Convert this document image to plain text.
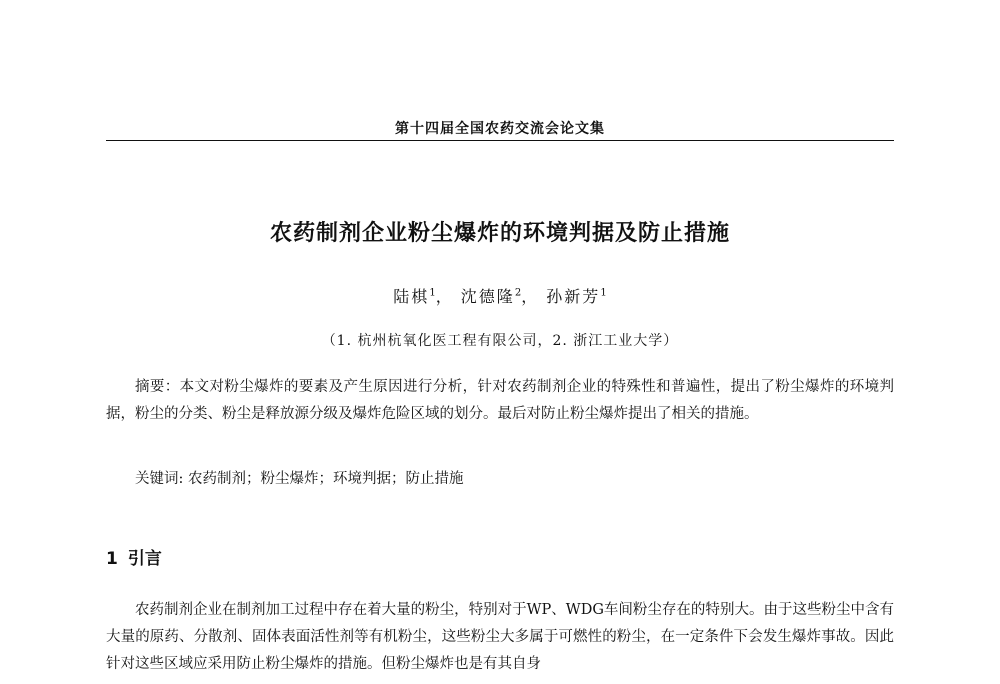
第十四届全国农药交流会论文集
农药制剂企业粉尘爆炸的环境判据及防止措施
陆棋$^1$， 沈德隆$^2$， 孙新芳$^1$
（1. 杭州杭氧化医工程有限公司，2. 浙江工业大学）

摘要：本文对粉尘爆炸的要素及产生原因进行分析，针对农药制剂企业的特殊性和普遍性，提出了粉尘爆炸的环境判据，粉尘的分类、粉尘是释放源分级及爆炸危险区域的划分。最后对防止粉尘爆炸提出了相关的措施。

关键词: 农药制剂；粉尘爆炸；环境判据；防止措施

1 引言

农药制剂企业在制剂加工过程中存在着大量的粉尘，特别对于WP、WDG车间粉尘存在的特别大。由于这些粉尘中含有大量的原药、分散剂、固体表面活性剂等有机粉尘，这些粉尘大多属于可燃性的粉尘，在一定条件下会发生爆炸事故。因此针对这些区域应采用防止粉尘爆炸的措施。但粉尘爆炸也是有其自身
